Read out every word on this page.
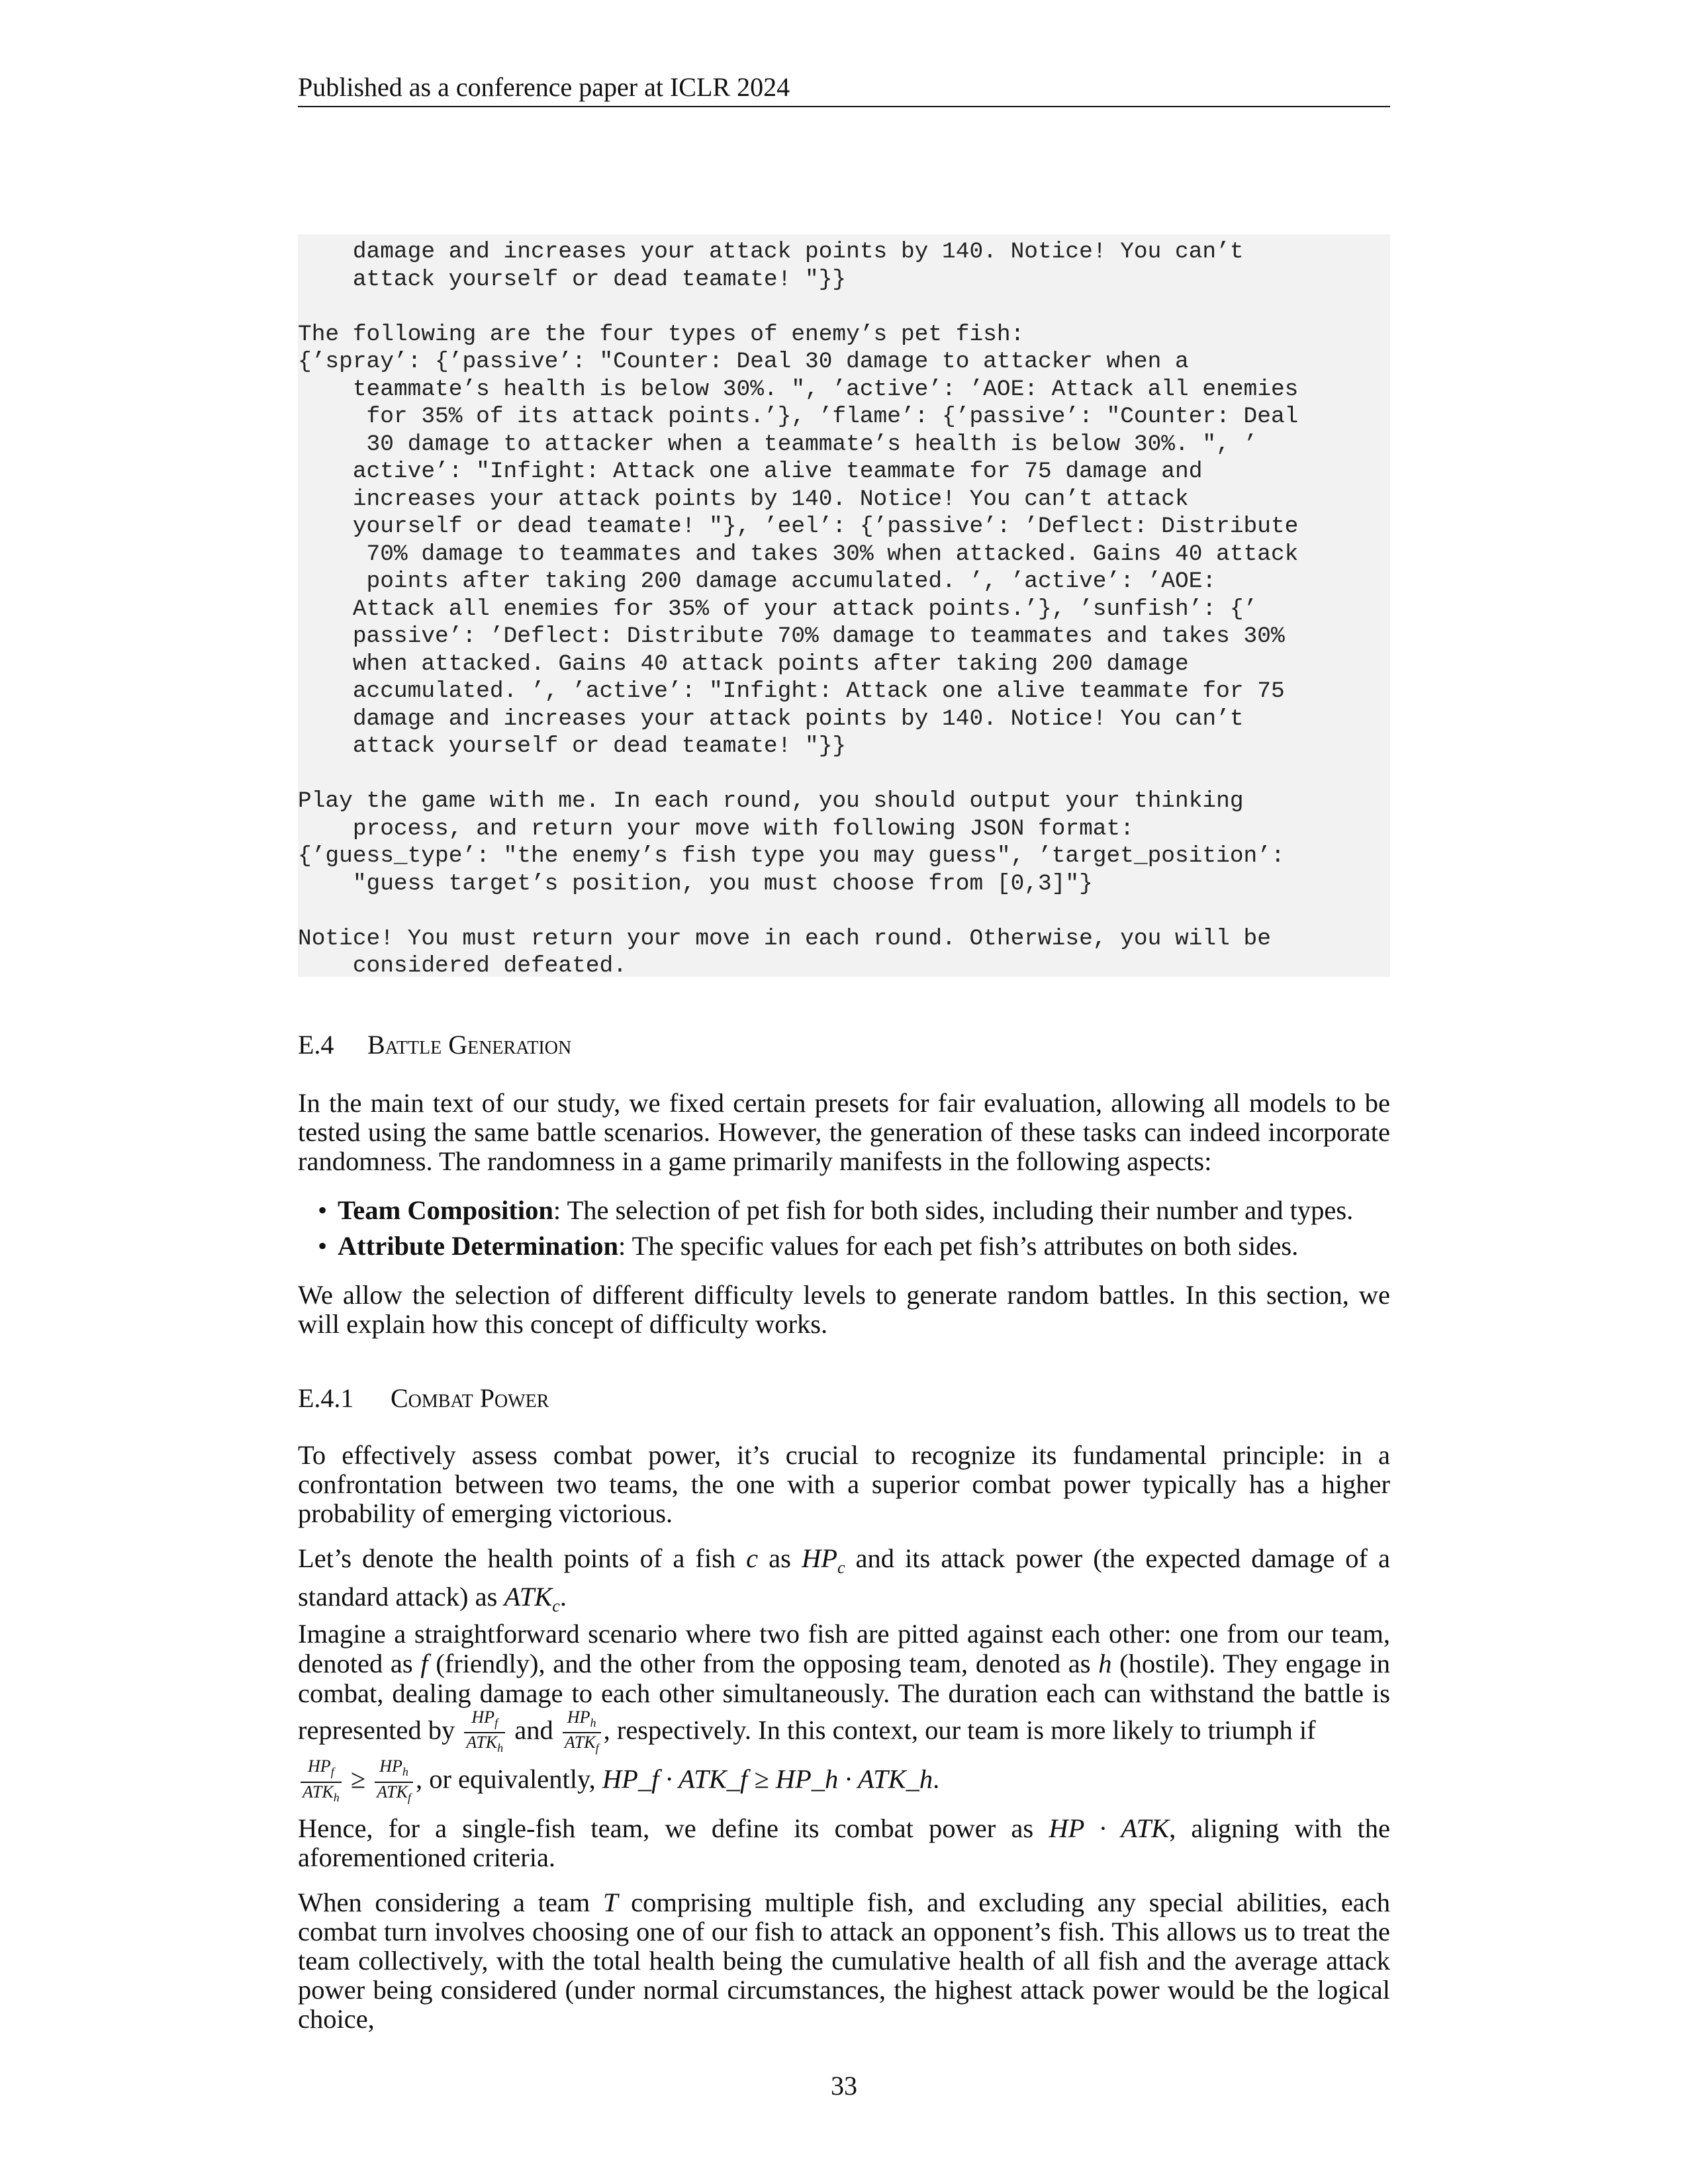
Published as a conference paper at ICLR 2024
damage and increases your attack points by 140. Notice! You can’t
attack yourself or dead teamate! "}}
The following are the four types of enemy’s pet fish:
{’spray’: {’passive’: "Counter: Deal 30 damage to attacker when a
teammate’s health is below 30%. ", ’active’: ’AOE: Attack all enemies
for 35% of its attack points.’}, ’flame’: {’passive’: "Counter: Deal
30 damage to attacker when a teammate’s health is below 30%. ", ’
active’: "Infight: Attack one alive teammate for 75 damage and
increases your attack points by 140. Notice! You can’t attack
yourself or dead teamate! "}, ’eel’: {’passive’: ’Deflect: Distribute
70% damage to teammates and takes 30% when attacked. Gains 40 attack
points after taking 200 damage accumulated. ’, ’active’: ’AOE:
Attack all enemies for 35% of your attack points.’}, ’sunfish’: {’
passive’: ’Deflect: Distribute 70% damage to teammates and takes 30%
when attacked. Gains 40 attack points after taking 200 damage
accumulated. ’, ’active’: "Infight: Attack one alive teammate for 75
damage and increases your attack points by 140. Notice! You can’t
attack yourself or dead teamate! "}}
Play the game with me. In each round, you should output your thinking
process, and return your move with following JSON format:
{’guess_type’: "the enemy’s fish type you may guess", ’target_position’:
"guess target’s position, you must choose from [0,3]"}
Notice! You must return your move in each round. Otherwise, you will be
considered defeated.
E.4 Battle Generation
In the main text of our study, we fixed certain presets for fair evaluation, allowing all models to be tested using the same battle scenarios. However, the generation of these tasks can indeed incorporate randomness. The randomness in a game primarily manifests in the following aspects:
• Team Composition: The selection of pet fish for both sides, including their number and types.
• Attribute Determination: The specific values for each pet fish’s attributes on both sides.
We allow the selection of different difficulty levels to generate random battles. In this section, we will explain how this concept of difficulty works.
E.4.1 Combat Power
To effectively assess combat power, it’s crucial to recognize its fundamental principle: in a confrontation between two teams, the one with a superior combat power typically has a higher probability of emerging victorious.
Let’s denote the health points of a fish c as $HP_c$ and its attack power (the expected damage of a standard attack) as $ATK_c$.
Imagine a straightforward scenario where two fish are pitted against each other: one from our team, denoted as f (friendly), and the other from the opposing team, denoted as h (hostile). They engage in combat, dealing damage to each other simultaneously. The duration each can withstand the battle is represented by $\frac{HP_f}{ATK_h}$ and $\frac{HP_h}{ATK_f}$ , respectively. In this context, our team is more likely to triumph if

$\frac{HP_f}{ATK_h} \ge \frac{HP_h}{ATK_f}$ , or equivalently, HP_f · ATK_f ≥ HP_h · ATK_h.
Hence, for a single-fish team, we define its combat power as HP · ATK, aligning with the aforementioned criteria.
When considering a team T comprising multiple fish, and excluding any special abilities, each combat turn involves choosing one of our fish to attack an opponent’s fish. This allows us to treat the team collectively, with the total health being the cumulative health of all fish and the average attack power being considered (under normal circumstances, the highest attack power would be the logical choice,
33
